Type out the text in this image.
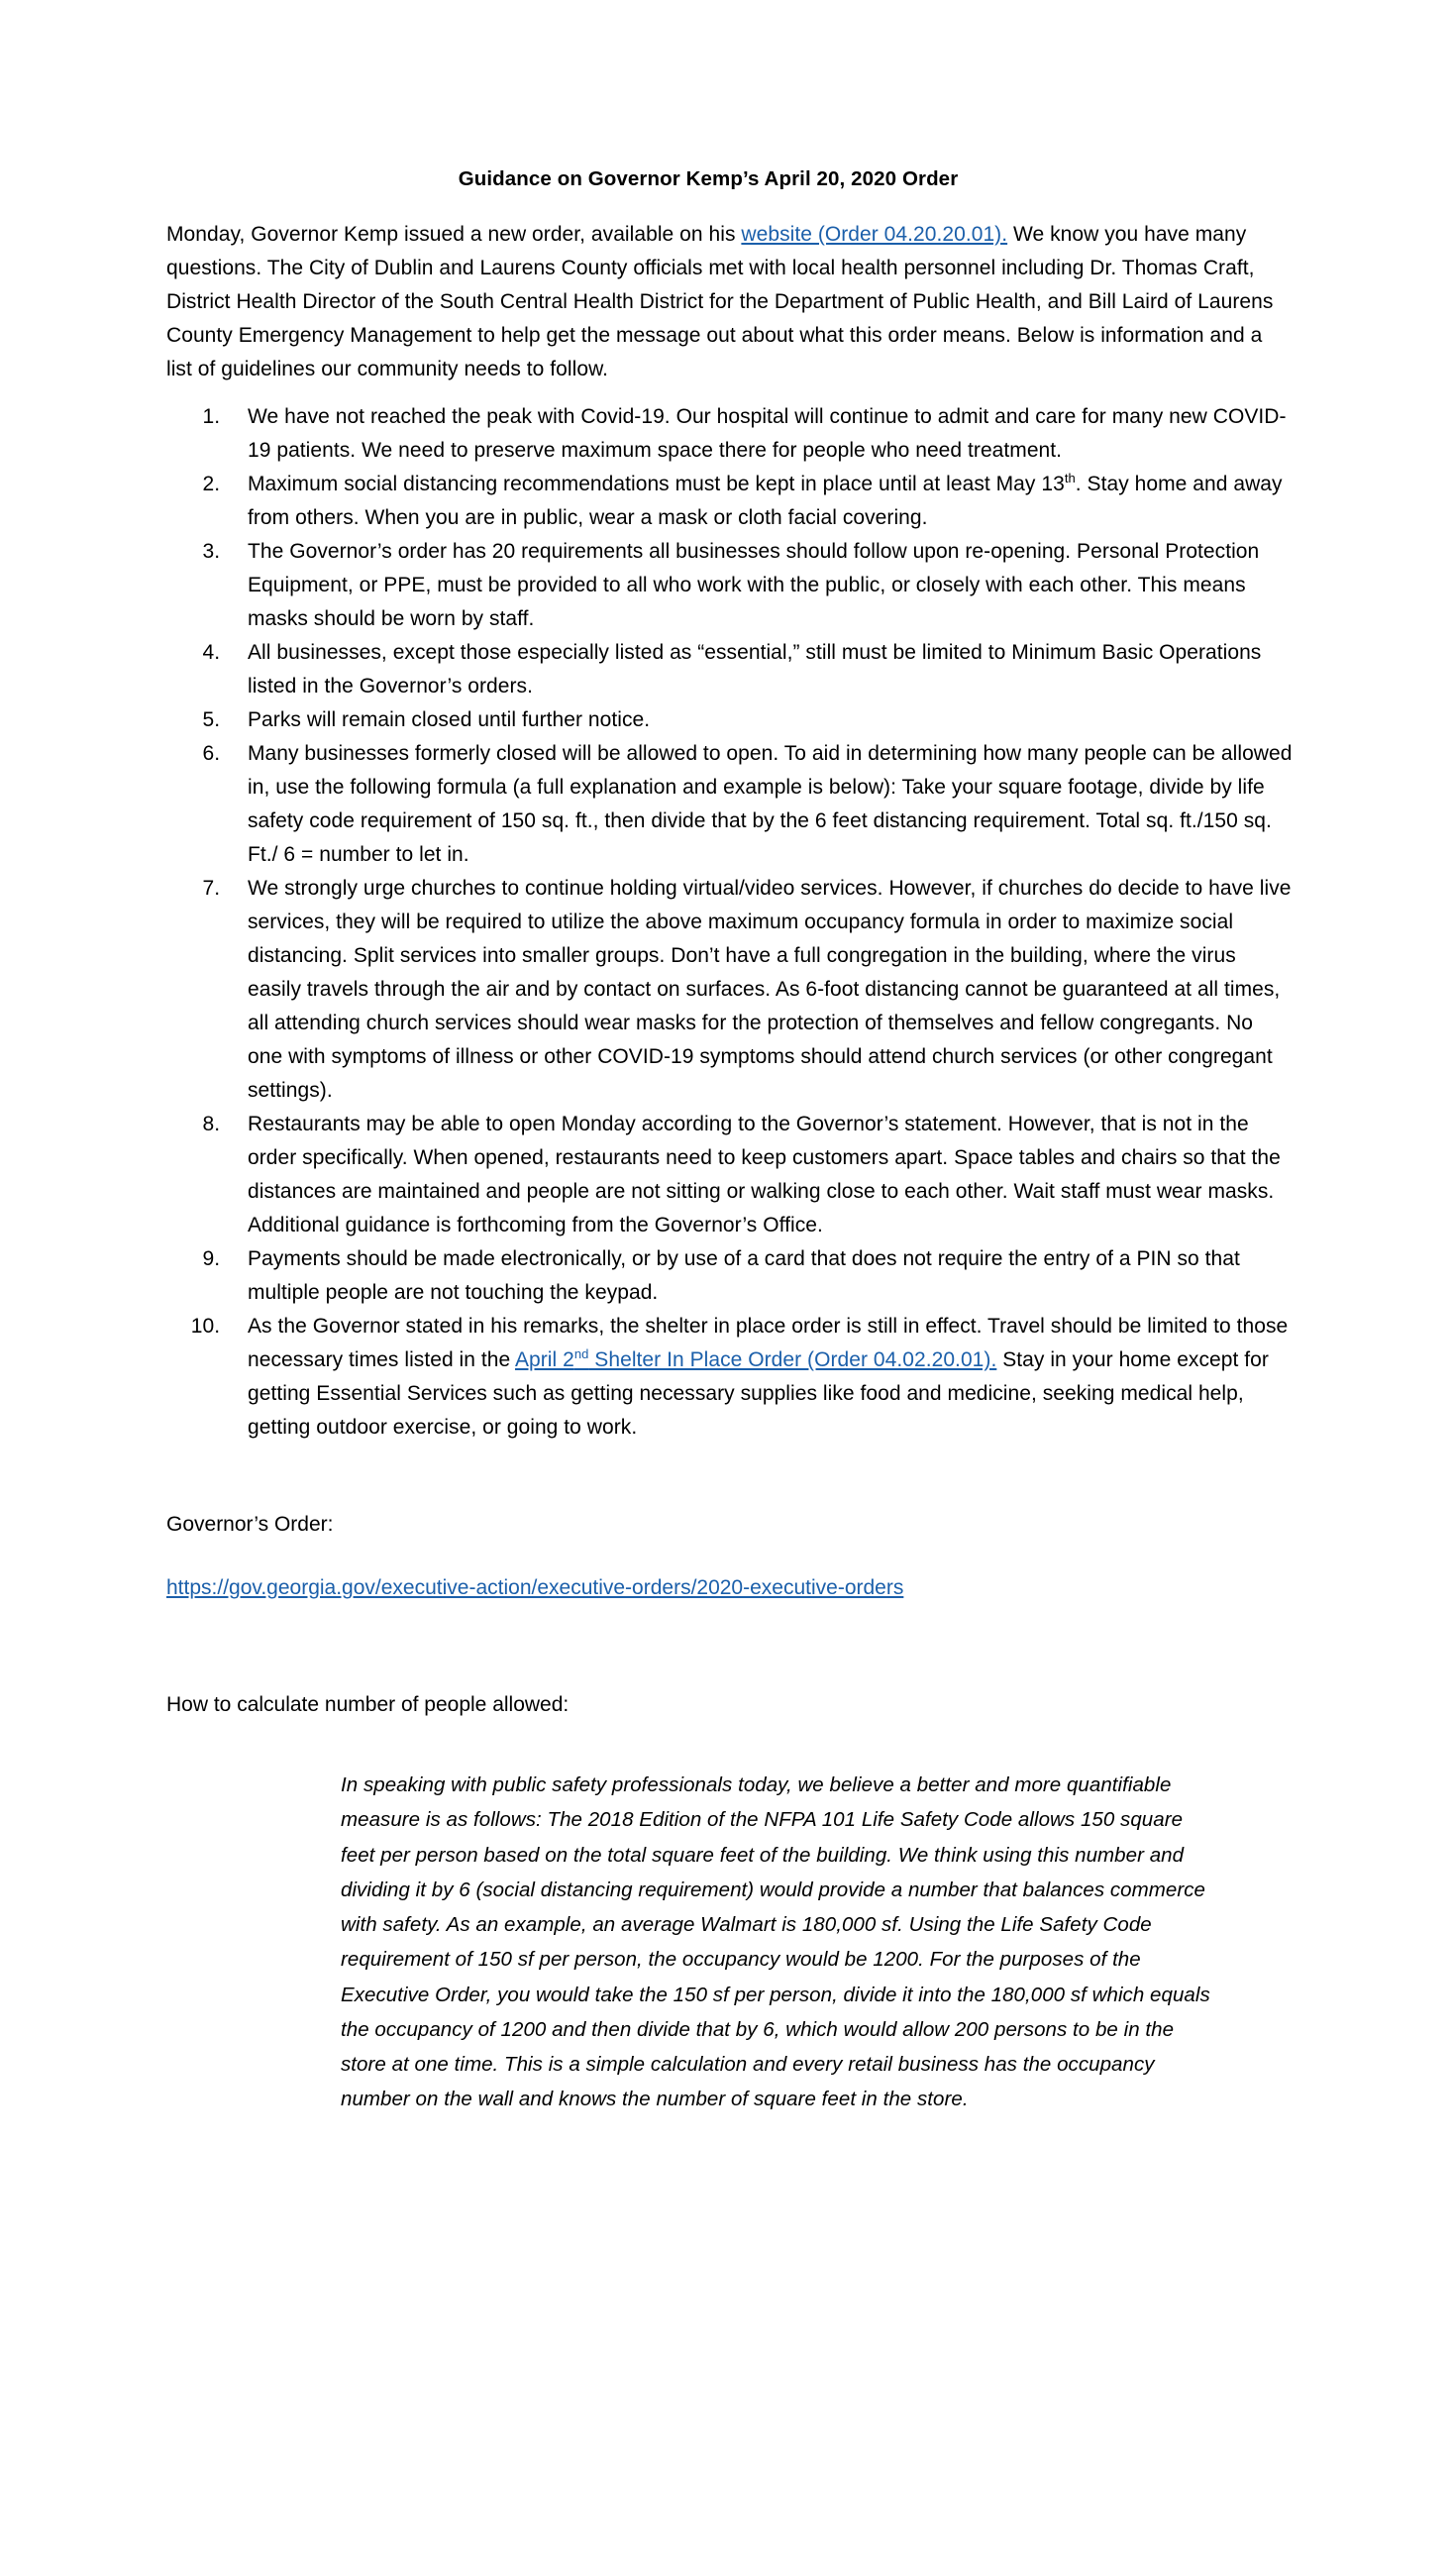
Guidance on Governor Kemp’s April 20, 2020 Order

Monday, Governor Kemp issued a new order, available on his website (Order 04.20.20.01). We know you have many questions. The City of Dublin and Laurens County officials met with local health personnel including Dr. Thomas Craft, District Health Director of the South Central Health District for the Department of Public Health, and Bill Laird of Laurens County Emergency Management to help get the message out about what this order means. Below is information and a list of guidelines our community needs to follow.

1. We have not reached the peak with Covid-19. Our hospital will continue to admit and care for many new COVID-19 patients. We need to preserve maximum space there for people who need treatment.
2. Maximum social distancing recommendations must be kept in place until at least May 13th. Stay home and away from others. When you are in public, wear a mask or cloth facial covering.
3. The Governor’s order has 20 requirements all businesses should follow upon re-opening. Personal Protection Equipment, or PPE, must be provided to all who work with the public, or closely with each other. This means masks should be worn by staff.
4. All businesses, except those especially listed as “essential,” still must be limited to Minimum Basic Operations listed in the Governor’s orders.
5. Parks will remain closed until further notice.
6. Many businesses formerly closed will be allowed to open. To aid in determining how many people can be allowed in, use the following formula (a full explanation and example is below): Take your square footage, divide by life safety code requirement of 150 sq. ft., then divide that by the 6 feet distancing requirement. Total sq. ft./150 sq. Ft./ 6 = number to let in.
7. We strongly urge churches to continue holding virtual/video services. However, if churches do decide to have live services, they will be required to utilize the above maximum occupancy formula in order to maximize social distancing. Split services into smaller groups. Don’t have a full congregation in the building, where the virus easily travels through the air and by contact on surfaces. As 6-foot distancing cannot be guaranteed at all times, all attending church services should wear masks for the protection of themselves and fellow congregants. No one with symptoms of illness or other COVID-19 symptoms should attend church services (or other congregant settings).
8. Restaurants may be able to open Monday according to the Governor’s statement. However, that is not in the order specifically. When opened, restaurants need to keep customers apart. Space tables and chairs so that the distances are maintained and people are not sitting or walking close to each other. Wait staff must wear masks. Additional guidance is forthcoming from the Governor’s Office.
9. Payments should be made electronically, or by use of a card that does not require the entry of a PIN so that multiple people are not touching the keypad.
10. As the Governor stated in his remarks, the shelter in place order is still in effect. Travel should be limited to those necessary times listed in the April 2nd Shelter In Place Order (Order 04.02.20.01). Stay in your home except for getting Essential Services such as getting necessary supplies like food and medicine, seeking medical help, getting outdoor exercise, or going to work.

Governor’s Order:

https://gov.georgia.gov/executive-action/executive-orders/2020-executive-orders

How to calculate number of people allowed:

In speaking with public safety professionals today, we believe a better and more quantifiable measure is as follows: The 2018 Edition of the NFPA 101 Life Safety Code allows 150 square feet per person based on the total square feet of the building. We think using this number and dividing it by 6 (social distancing requirement) would provide a number that balances commerce with safety. As an example, an average Walmart is 180,000 sf. Using the Life Safety Code requirement of 150 sf per person, the occupancy would be 1200. For the purposes of the Executive Order, you would take the 150 sf per person, divide it into the 180,000 sf which equals the occupancy of 1200 and then divide that by 6, which would allow 200 persons to be in the store at one time. This is a simple calculation and every retail business has the occupancy number on the wall and knows the number of square feet in the store.
